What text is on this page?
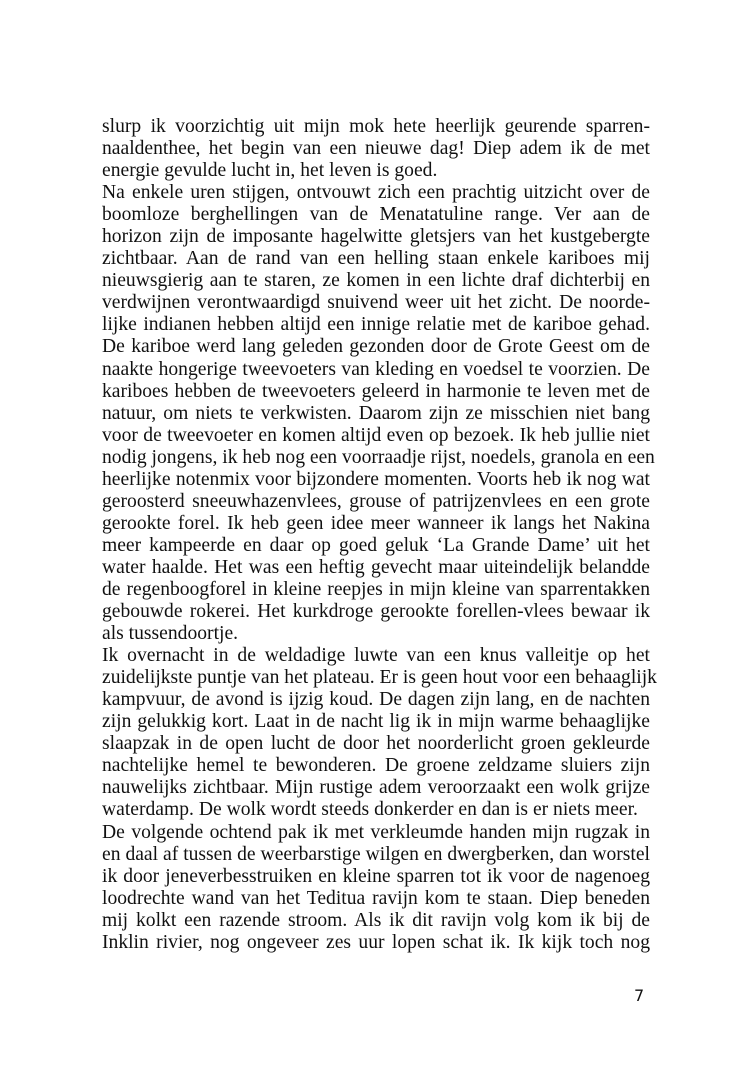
slurp ik voorzichtig uit mijn mok hete heerlijk geurende sparren-
naaldenthee, het begin van een nieuwe dag! Diep adem ik de met
energie gevulde lucht in, het leven is goed.
Na enkele uren stijgen, ontvouwt zich een prachtig uitzicht over de
boomloze berghellingen van de Menatatuline range. Ver aan de
horizon zijn de imposante hagelwitte gletsjers van het kustgebergte
zichtbaar. Aan de rand van een helling staan enkele kariboes mij
nieuwsgierig aan te staren, ze komen in een lichte draf dichterbij en
verdwijnen verontwaardigd snuivend weer uit het zicht. De noorde-
lijke indianen hebben altijd een innige relatie met de kariboe gehad.
De kariboe werd lang geleden gezonden door de Grote Geest om de
naakte hongerige tweevoeters van kleding en voedsel te voorzien. De
kariboes hebben de tweevoeters geleerd in harmonie te leven met de
natuur, om niets te verkwisten. Daarom zijn ze misschien niet bang
voor de tweevoeter en komen altijd even op bezoek. Ik heb jullie niet
nodig jongens, ik heb nog een voorraadje rijst, noedels, granola en een
heerlijke notenmix voor bijzondere momenten. Voorts heb ik nog wat
geroosterd sneeuwhazenvlees, grouse of patrijzenvlees en een grote
gerookte forel. Ik heb geen idee meer wanneer ik langs het Nakina
meer kampeerde en daar op goed geluk ‘La Grande Dame’ uit het
water haalde. Het was een heftig gevecht maar uiteindelijk belandde
de regenboogforel in kleine reepjes in mijn kleine van sparrentakken
gebouwde rokerei. Het kurkdroge gerookte forellen-vlees bewaar ik
als tussendoortje.
Ik overnacht in de weldadige luwte van een knus valleitje op het
zuidelijkste puntje van het plateau. Er is geen hout voor een behaaglijk
kampvuur, de avond is ijzig koud. De dagen zijn lang, en de nachten
zijn gelukkig kort. Laat in de nacht lig ik in mijn warme behaaglijke
slaapzak in de open lucht de door het noorderlicht groen gekleurde
nachtelijke hemel te bewonderen. De groene zeldzame sluiers zijn
nauwelijks zichtbaar. Mijn rustige adem veroorzaakt een wolk grijze
waterdamp. De wolk wordt steeds donkerder en dan is er niets meer.
De volgende ochtend pak ik met verkleumde handen mijn rugzak in
en daal af tussen de weerbarstige wilgen en dwergberken, dan worstel
ik door jeneverbesstruiken en kleine sparren tot ik voor de nagenoeg
loodrechte wand van het Teditua ravijn kom te staan. Diep beneden
mij kolkt een razende stroom. Als ik dit ravijn volg kom ik bij de
Inklin rivier, nog ongeveer zes uur lopen schat ik. Ik kijk toch nog
7
